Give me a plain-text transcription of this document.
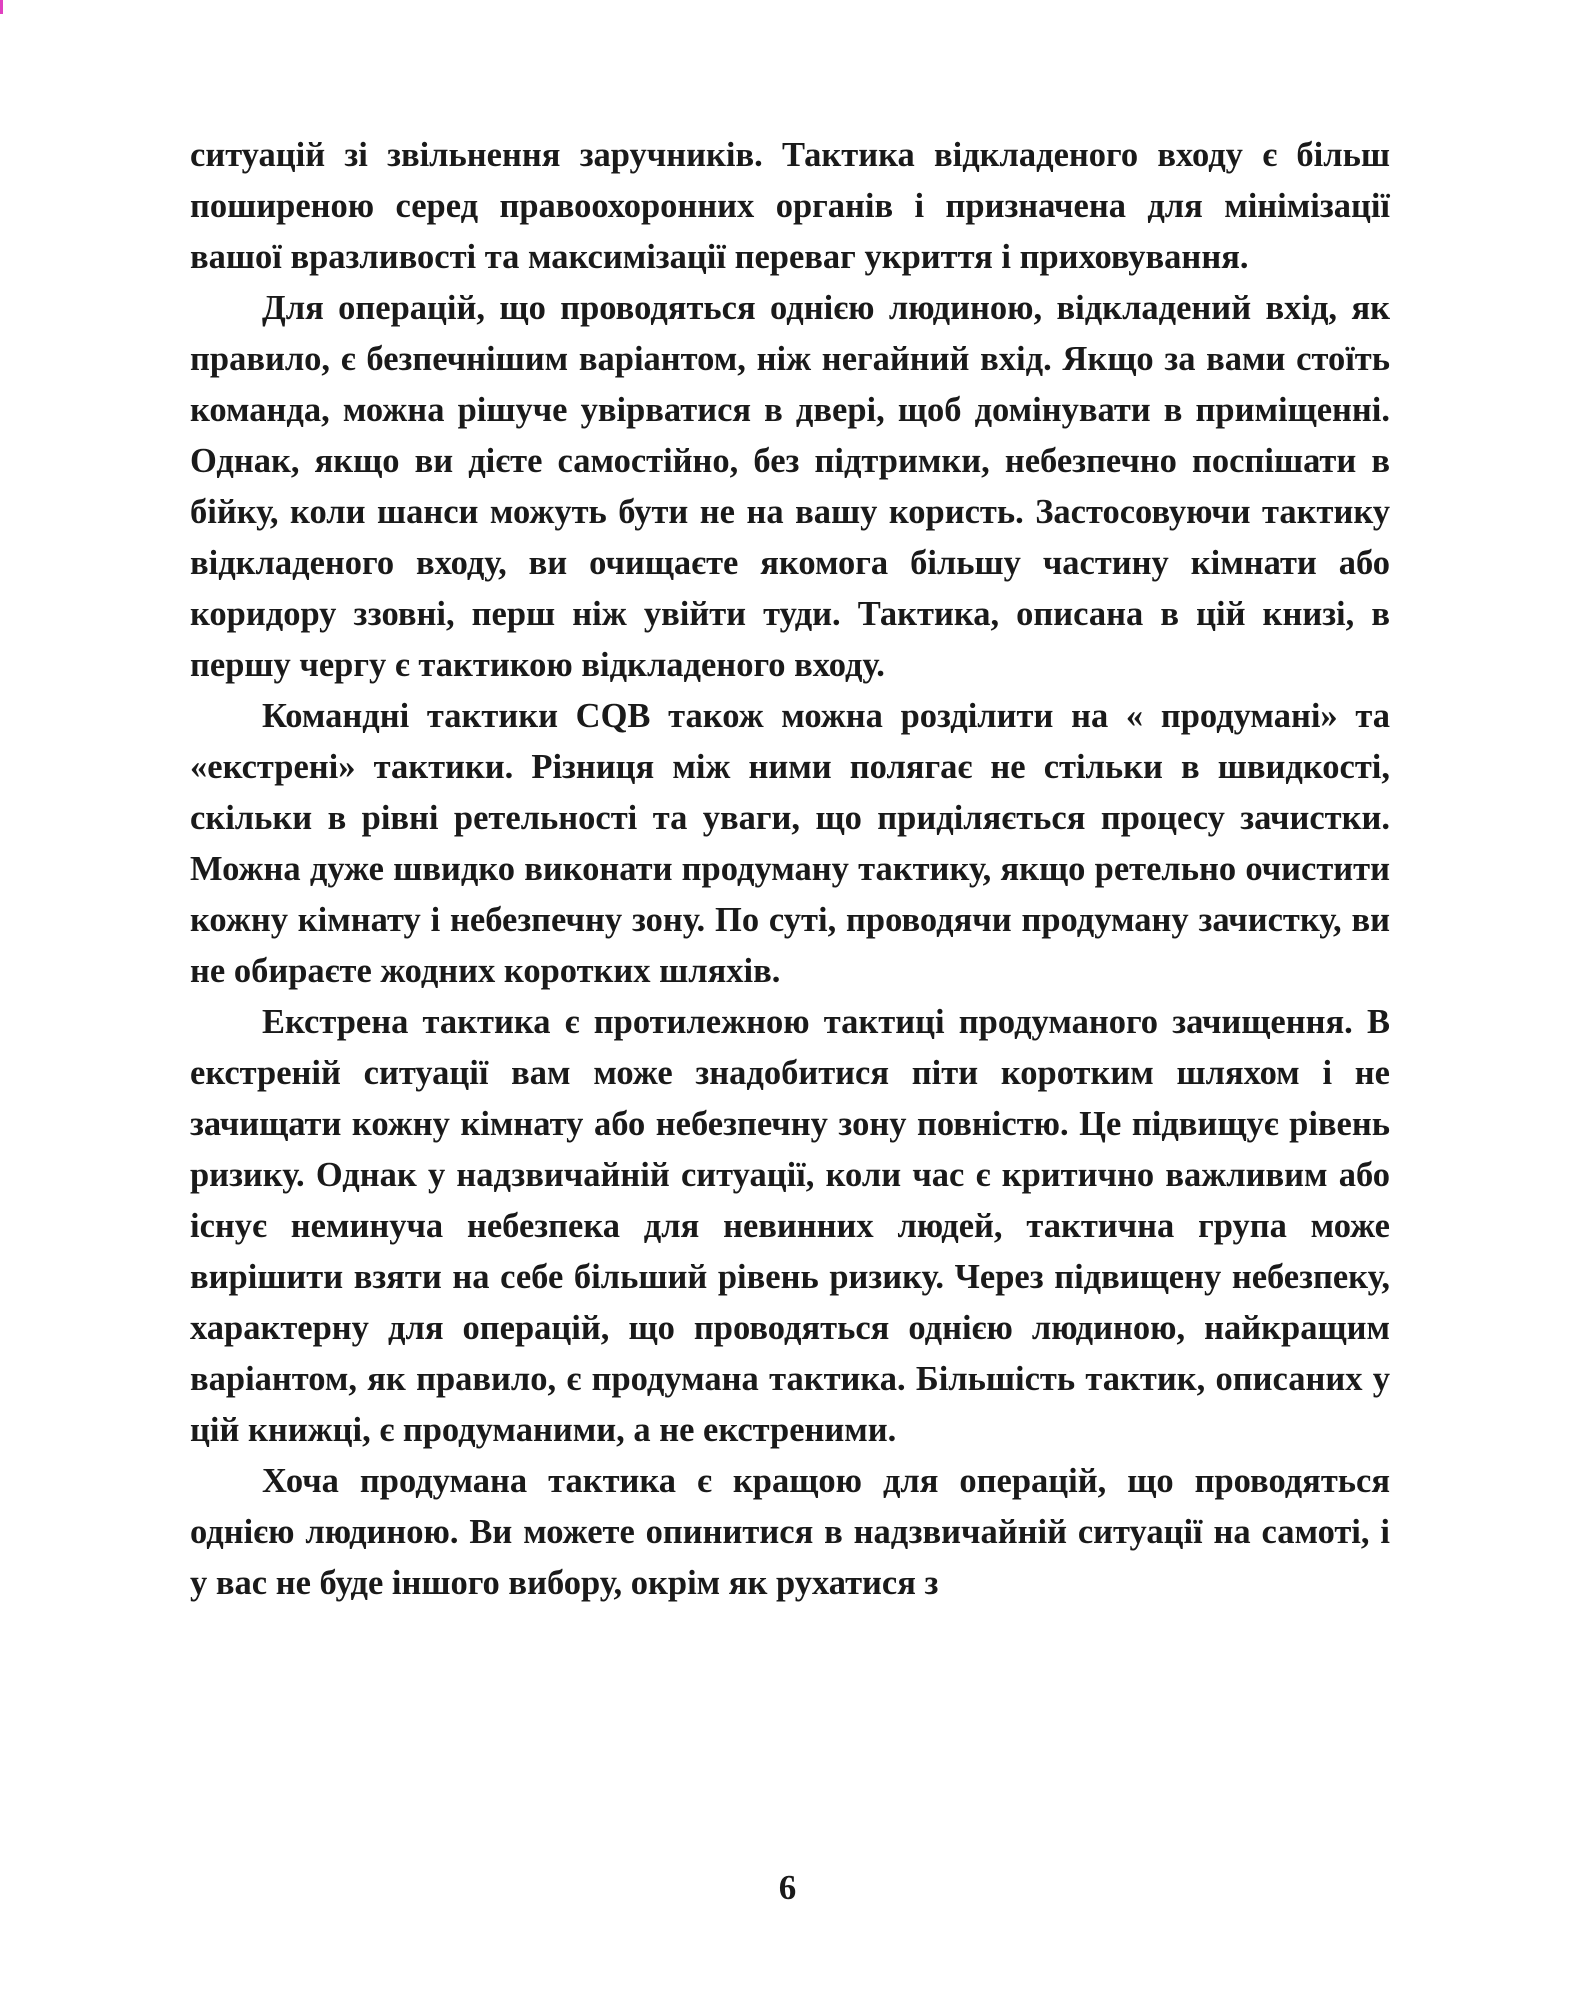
ситуацій зі звільнення заручників. Тактика відкладеного входу є більш поширеною серед правоохоронних органів і призначена для мінімізації вашої вразливості та максимізації переваг укриття і приховування.

Для операцій, що проводяться однією людиною, відкладений вхід, як правило, є безпечнішим варіантом, ніж негайний вхід. Якщо за вами стоїть команда, можна рішуче увірватися в двері, щоб домінувати в приміщенні. Однак, якщо ви дієте самостійно, без підтримки, небезпечно поспішати в бійку, коли шанси можуть бути не на вашу користь. Застосовуючи тактику відкладеного входу, ви очищаєте якомога більшу частину кімнати або коридору ззовні, перш ніж увійти туди. Тактика, описана в цій книзі, в першу чергу є тактикою відкладеного входу.

Командні тактики CQB також можна розділити на « продумані» та «екстрені» тактики. Різниця між ними полягає не стільки в швидкості, скільки в рівні ретельності та уваги, що приділяється процесу зачистки. Можна дуже швидко виконати продуману тактику, якщо ретельно очистити кожну кімнату і небезпечну зону. По суті, проводячи продуману зачистку, ви не обираєте жодних коротких шляхів.

Екстрена тактика є протилежною тактиці продуманого зачищення. В екстреній ситуації вам може знадобитися піти коротким шляхом і не зачищати кожну кімнату або небезпечну зону повністю. Це підвищує рівень ризику. Однак у надзвичайній ситуації, коли час є критично важливим або існує неминуча небезпека для невинних людей, тактична група може вирішити взяти на себе більший рівень ризику. Через підвищену небезпеку, характерну для операцій, що проводяться однією людиною, найкращим варіантом, як правило, є продумана тактика. Більшість тактик, описаних у цій книжці, є продуманими, а не екстреними.

Хоча продумана тактика є кращою для операцій, що проводяться однією людиною. Ви можете опинитися в надзвичайній ситуації на самоті, і у вас не буде іншого вибору, окрім як рухатися з

6
